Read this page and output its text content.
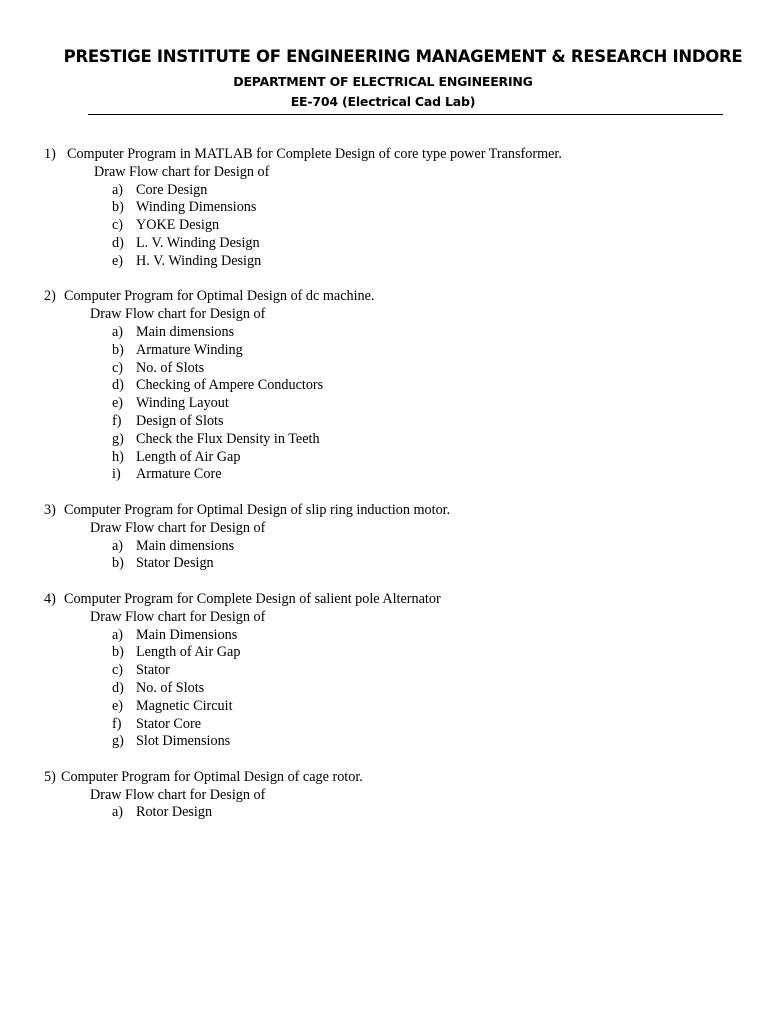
PRESTIGE INSTITUTE OF ENGINEERING MANAGEMENT & RESEARCH INDORE
DEPARTMENT OF ELECTRICAL ENGINEERING
EE-704 (Electrical Cad Lab)
1) Computer Program in MATLAB for Complete Design of core type power Transformer.
Draw Flow chart for Design of
a) Core Design
b) Winding Dimensions
c) YOKE Design
d) L. V. Winding Design
e) H. V. Winding Design
2) Computer Program for Optimal Design of dc machine.
Draw Flow chart for Design of
a) Main dimensions
b) Armature Winding
c) No. of Slots
d) Checking of Ampere Conductors
e) Winding Layout
f) Design of Slots
g) Check the Flux Density in Teeth
h) Length of Air Gap
i) Armature Core
3) Computer Program for Optimal Design of slip ring induction motor.
Draw Flow chart for Design of
a) Main dimensions
b) Stator Design
4) Computer Program for Complete Design of salient pole Alternator
Draw Flow chart for Design of
a) Main Dimensions
b) Length of Air Gap
c) Stator
d) No. of Slots
e) Magnetic Circuit
f) Stator Core
g) Slot Dimensions
5) Computer Program for Optimal Design of cage rotor.
Draw Flow chart for Design of
a) Rotor Design
